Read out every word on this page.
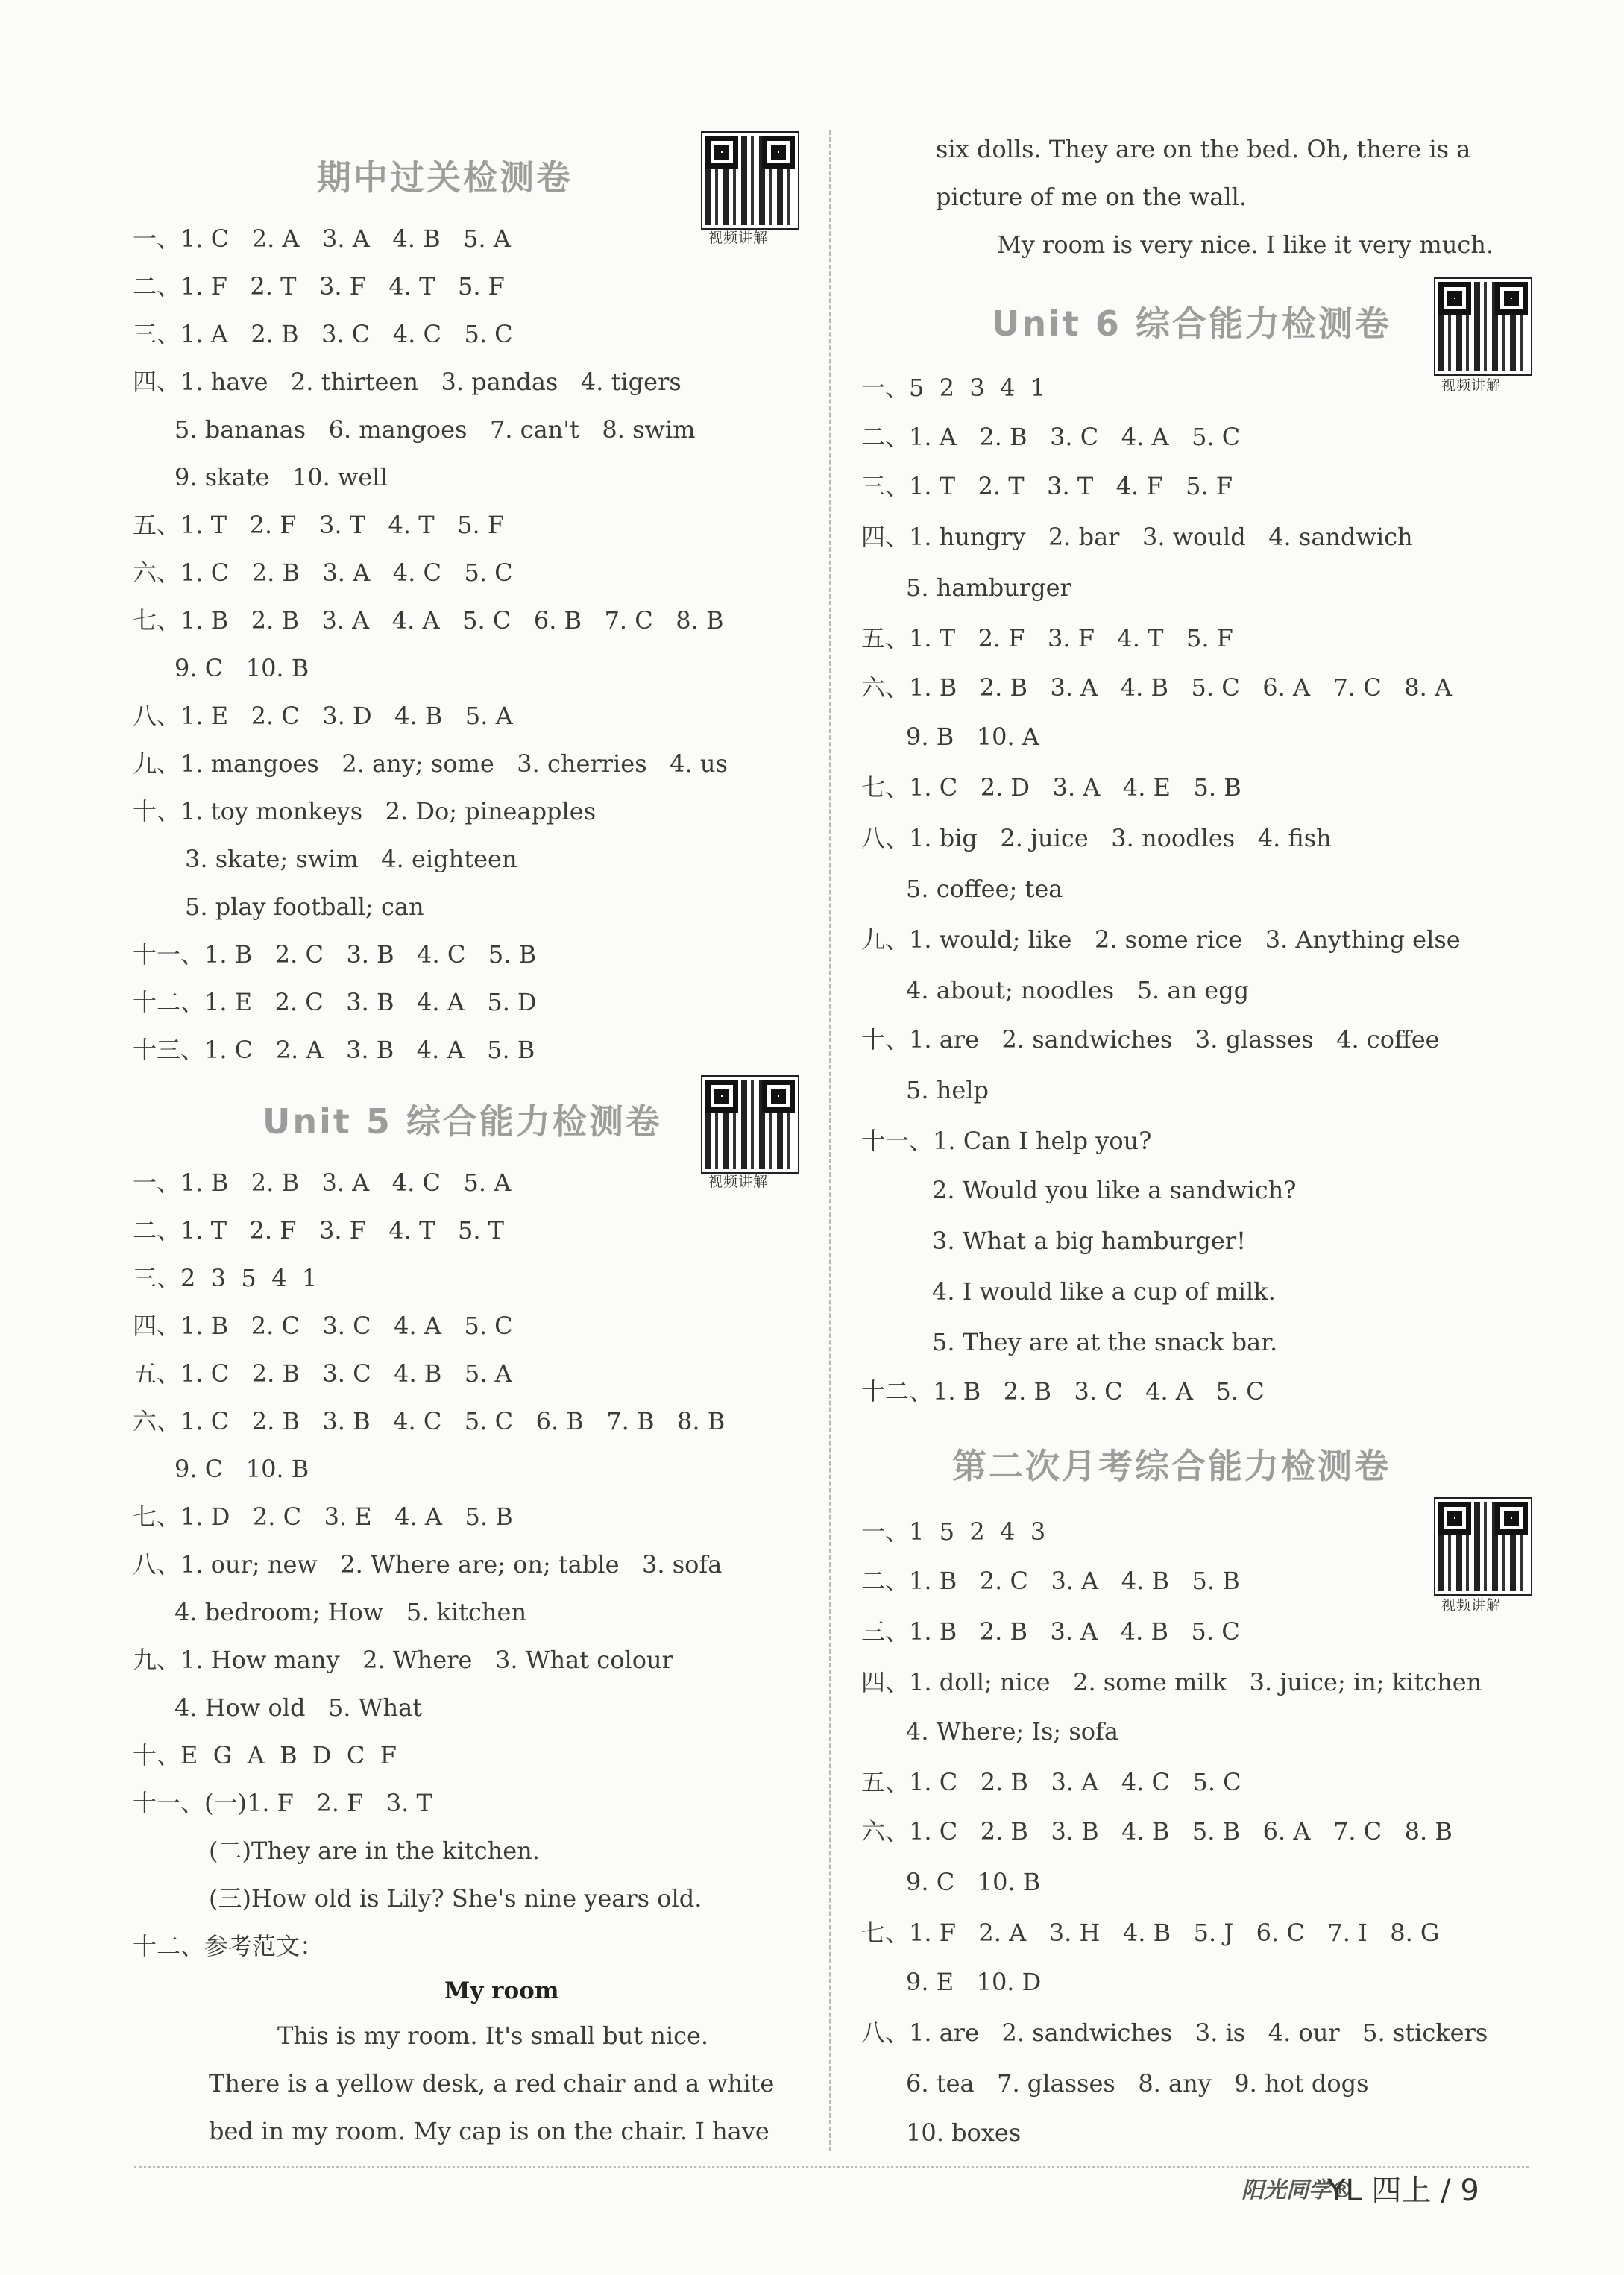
期中过关检测卷
视频讲解
一、1. C   2. A   3. A   4. B   5. A
二、1. F   2. T   3. F   4. T   5. F
三、1. A   2. B   3. C   4. C   5. C
四、1. have   2. thirteen   3. pandas   4. tigers
5. bananas   6. mangoes   7. can't   8. swim
9. skate   10. well
五、1. T   2. F   3. T   4. T   5. F
六、1. C   2. B   3. A   4. C   5. C
七、1. B   2. B   3. A   4. A   5. C   6. B   7. C   8. B
9. C   10. B
八、1. E   2. C   3. D   4. B   5. A
九、1. mangoes   2. any; some   3. cherries   4. us
十、1. toy monkeys   2. Do; pineapples
3. skate; swim   4. eighteen
5. play football; can
十一、1. B   2. C   3. B   4. C   5. B
十二、1. E   2. C   3. B   4. A   5. D
十三、1. C   2. A   3. B   4. A   5. B
Unit 5 综合能力检测卷
视频讲解
一、1. B   2. B   3. A   4. C   5. A
二、1. T   2. F   3. F   4. T   5. T
三、2  3  5  4  1
四、1. B   2. C   3. C   4. A   5. C
五、1. C   2. B   3. C   4. B   5. A
六、1. C   2. B   3. B   4. C   5. C   6. B   7. B   8. B
9. C   10. B
七、1. D   2. C   3. E   4. A   5. B
八、1. our; new   2. Where are; on; table   3. sofa
4. bedroom; How   5. kitchen
九、1. How many   2. Where   3. What colour
4. How old   5. What
十、E  G  A  B  D  C  F
十一、(一)1. F   2. F   3. T
(二)They are in the kitchen.
(三)How old is Lily? She's nine years old.
十二、参考范文：
My room
This is my room. It's small but nice.
There is a yellow desk, a red chair and a white
bed in my room. My cap is on the chair. I have
six dolls. They are on the bed. Oh, there is a
picture of me on the wall.
My room is very nice. I like it very much.
Unit 6 综合能力检测卷
视频讲解
一、5  2  3  4  1
二、1. A   2. B   3. C   4. A   5. C
三、1. T   2. T   3. T   4. F   5. F
四、1. hungry   2. bar   3. would   4. sandwich
5. hamburger
五、1. T   2. F   3. F   4. T   5. F
六、1. B   2. B   3. A   4. B   5. C   6. A   7. C   8. A
9. B   10. A
七、1. C   2. D   3. A   4. E   5. B
八、1. big   2. juice   3. noodles   4. fish
5. coffee; tea
九、1. would; like   2. some rice   3. Anything else
4. about; noodles   5. an egg
十、1. are   2. sandwiches   3. glasses   4. coffee
5. help
十一、1. Can I help you?
2. Would you like a sandwich?
3. What a big hamburger!
4. I would like a cup of milk.
5. They are at the snack bar.
十二、1. B   2. B   3. C   4. A   5. C
第二次月考综合能力检测卷
视频讲解
一、1  5  2  4  3
二、1. B   2. C   3. A   4. B   5. B
三、1. B   2. B   3. A   4. B   5. C
四、1. doll; nice   2. some milk   3. juice; in; kitchen
4. Where; Is; sofa
五、1. C   2. B   3. A   4. C   5. C
六、1. C   2. B   3. B   4. B   5. B   6. A   7. C   8. B
9. C   10. B
七、1. F   2. A   3. H   4. B   5. J   6. C   7. I   8. G
9. E   10. D
八、1. are   2. sandwiches   3. is   4. our   5. stickers
6. tea   7. glasses   8. any   9. hot dogs
10. boxes
阳光同学®
YL 四上 / 9
